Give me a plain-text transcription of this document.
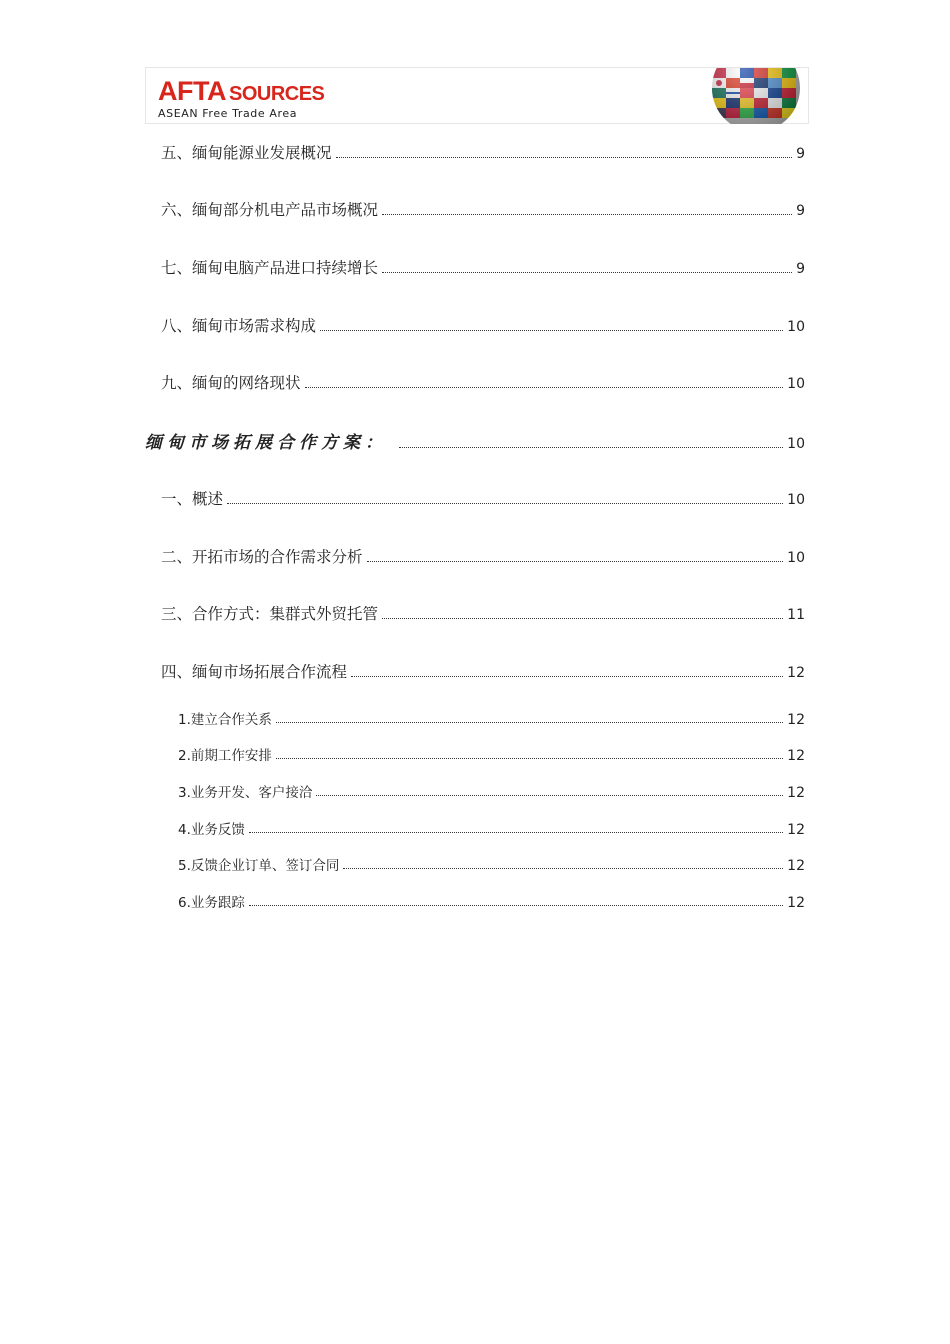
AFTA SOURCES
ASEAN Free Trade Area
五、缅甸能源业发展概况	9
六、缅甸部分机电产品市场概况	9
七、缅甸电脑产品进口持续增长	9
八、缅甸市场需求构成	10
九、缅甸的网络现状	10
缅甸市场拓展合作方案：	10
一、概述	10
二、开拓市场的合作需求分析	10
三、合作方式：集群式外贸托管	11
四、缅甸市场拓展合作流程	12
1.建立合作关系	12
2.前期工作安排	12
3.业务开发、客户接洽	12
4.业务反馈	12
5.反馈企业订单、签订合同	12
6.业务跟踪	12
